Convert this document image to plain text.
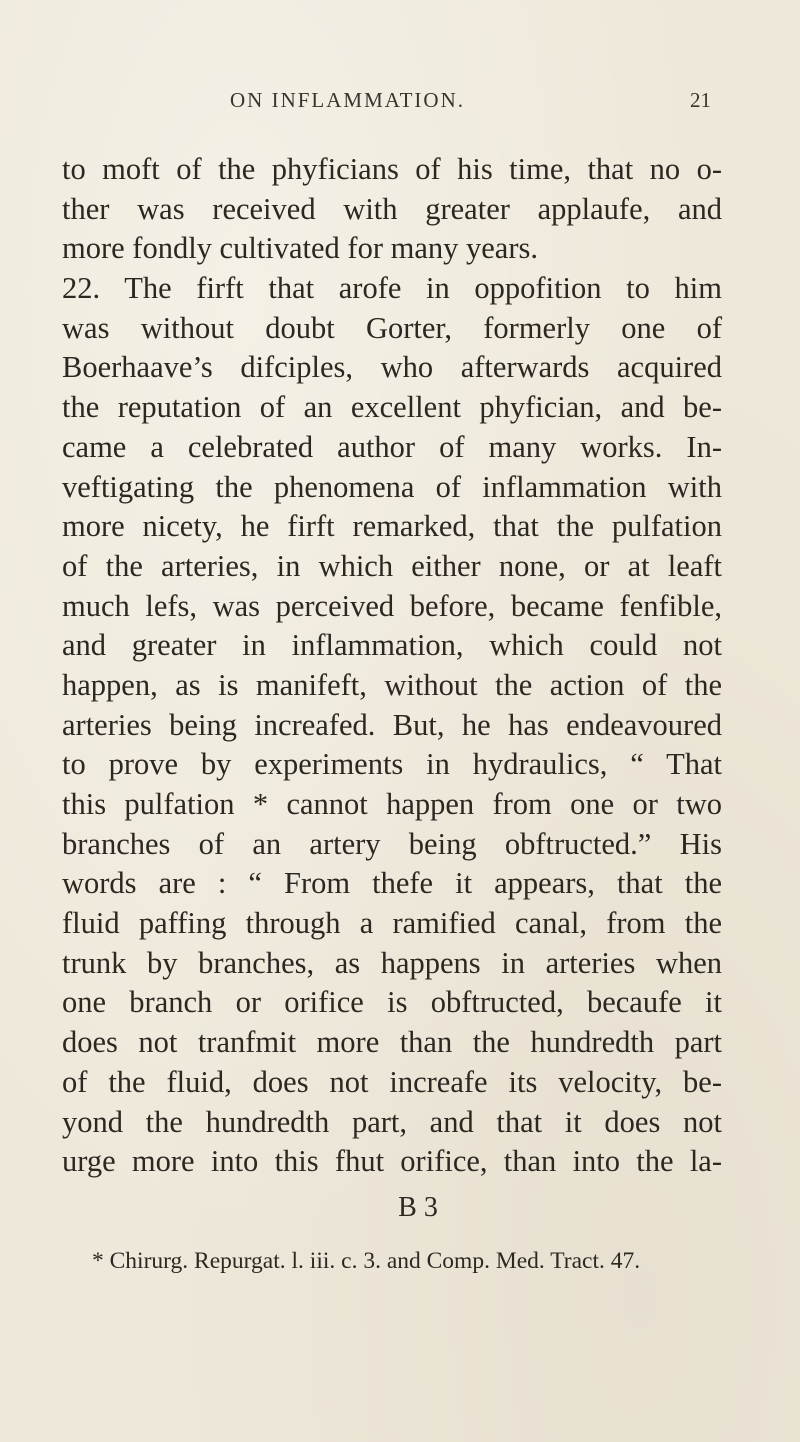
ON INFLAMMATION.	21
to moft of the phyficians of his time, that no o-
ther was received with greater applaufe, and
more fondly cultivated for many years.
22. The firft that arofe in oppofition to him
was without doubt Gorter, formerly one of
Boerhaave’s difciples, who afterwards acquired
the reputation of an excellent phyfician, and be-
came a celebrated author of many works. In-
veftigating the phenomena of inflammation with
more nicety, he firft remarked, that the pulfation
of the arteries, in which either none, or at leaft
much lefs, was perceived before, became fenfible,
and greater in inflammation, which could not
happen, as is manifeft, without the action of the
arteries being increafed. But, he has endeavoured
to prove by experiments in hydraulics, “ That
this pulfation * cannot happen from one or two
branches of an artery being obftructed.” His
words are : “ From thefe it appears, that the
fluid paffing through a ramified canal, from the
trunk by branches, as happens in arteries when
one branch or orifice is obftructed, becaufe it
does not tranfmit more than the hundredth part
of the fluid, does not increafe its velocity, be-
yond the hundredth part, and that it does not
urge more into this fhut orifice, than into the la-
B 3
* Chirurg. Repurgat. l. iii. c. 3. and Comp. Med. Tract. 47.
